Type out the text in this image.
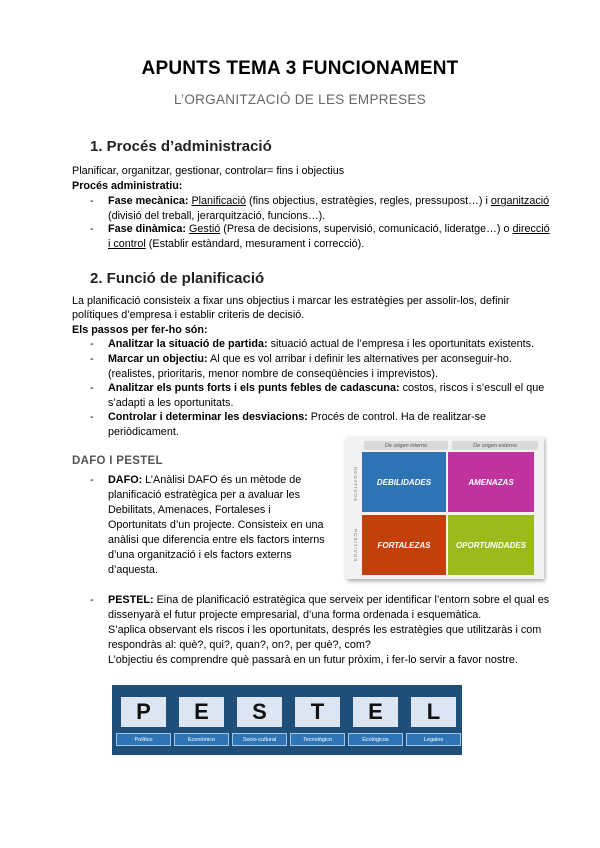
APUNTS TEMA 3 FUNCIONAMENT
L’ORGANITZACIÓ DE LES EMPRESES
1. Procés d’administració
Planificar, organitzar, gestionar, controlar= fins i objectius
Procés administratiu:
- Fase mecànica: Planificació (fins objectius, estratègies, regles, pressupost…) i organització
(divisió del treball, jerarquització, funcions…).
- Fase dinàmica: Gestió (Presa de decisions, supervisió, comunicació, lideratge…) o direcció
i control (Establir estàndard, mesurament i correcció).
2. Funció de planificació
La planificació consisteix a fixar uns objectius i marcar les estratègies per assolir-los, definir
polítiques d’empresa i establir criteris de decisió.
Els passos per fer-ho són:
- Analitzar la situació de partida: situació actual de l’empresa i les oportunitats existents.
- Marcar un objectiu: Al que es vol arribar i definir les alternatives per aconseguir-ho.
(realistes, prioritaris, menor nombre de conseqüències i imprevistos).
- Analitzar els punts forts i els punts febles de cadascuna: costos, riscos i s’escull el que
s’adapti a les oportunitats.
- Controlar i determinar les desviacions: Procés de control. Ha de realitzar-se
periòdicament.
DAFO I PESTEL
- DAFO: L’Anàlisi DAFO és un mètode de
planificació estratègica per a avaluar les
Debilitats, Amenaces, Fortaleses i
Oportunitats d’un projecte. Consisteix en una
anàlisi que diferencia entre els factors interns
d’una organització i els factors externs
d’aquesta.
De origen interno	De origen externo
NEGATIVOS
POSITIVOS
DEBILIDADES	AMENAZAS
FORTALEZAS	OPORTUNIDADES
- PESTEL: Eina de planificació estratègica que serveix per identificar l’entorn sobre el qual es
dissenyarà el futur projecte empresarial, d’una forma ordenada i esquemàtica.
S’aplica observant els riscos i les oportunitats, després les estratègies que utilitzaràs i com
respondràs al: què?, qui?, quan?, on?, per què?, com?
L’objectiu és comprendre què passarà en un futur pròxim, i fer-lo servir a favor nostre.
P	E	S	T	E	L
Político	Económico	Socio-cultural	Tecnológico	Ecológicos	Legales
